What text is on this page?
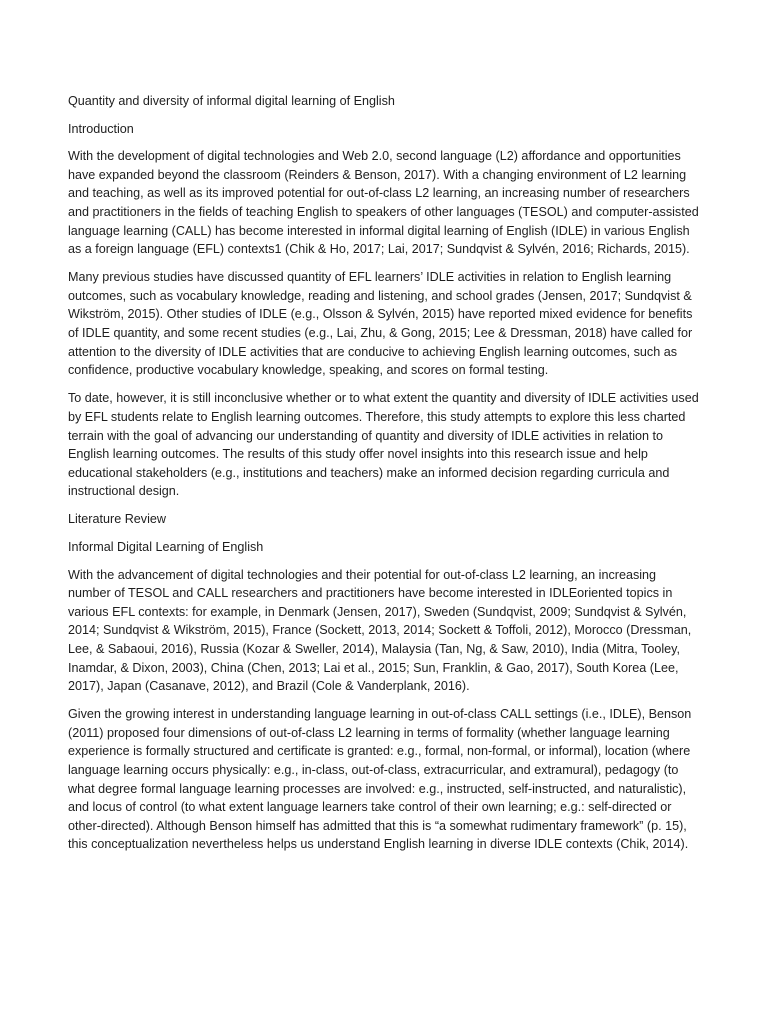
Quantity and diversity of informal digital learning of English

Introduction

With the development of digital technologies and Web 2.0, second language (L2) affordance and opportunities have expanded beyond the classroom (Reinders & Benson, 2017). With a changing environment of L2 learning and teaching, as well as its improved potential for out-of-class L2 learning, an increasing number of researchers and practitioners in the fields of teaching English to speakers of other languages (TESOL) and computer-assisted language learning (CALL) has become interested in informal digital learning of English (IDLE) in various English as a foreign language (EFL) contexts1 (Chik & Ho, 2017; Lai, 2017; Sundqvist & Sylvén, 2016; Richards, 2015).

Many previous studies have discussed quantity of EFL learners’ IDLE activities in relation to English learning outcomes, such as vocabulary knowledge, reading and listening, and school grades (Jensen, 2017; Sundqvist & Wikström, 2015). Other studies of IDLE (e.g., Olsson & Sylvén, 2015) have reported mixed evidence for benefits of IDLE quantity, and some recent studies (e.g., Lai, Zhu, & Gong, 2015; Lee & Dressman, 2018) have called for attention to the diversity of IDLE activities that are conducive to achieving English learning outcomes, such as confidence, productive vocabulary knowledge, speaking, and scores on formal testing.

To date, however, it is still inconclusive whether or to what extent the quantity and diversity of IDLE activities used by EFL students relate to English learning outcomes. Therefore, this study attempts to explore this less charted terrain with the goal of advancing our understanding of quantity and diversity of IDLE activities in relation to English learning outcomes. The results of this study offer novel insights into this research issue and help educational stakeholders (e.g., institutions and teachers) make an informed decision regarding curricula and instructional design.

Literature Review

Informal Digital Learning of English

With the advancement of digital technologies and their potential for out-of-class L2 learning, an increasing number of TESOL and CALL researchers and practitioners have become interested in IDLEoriented topics in various EFL contexts: for example, in Denmark (Jensen, 2017), Sweden (Sundqvist, 2009; Sundqvist & Sylvén, 2014; Sundqvist & Wikström, 2015), France (Sockett, 2013, 2014; Sockett & Toffoli, 2012), Morocco (Dressman, Lee, & Sabaoui, 2016), Russia (Kozar & Sweller, 2014), Malaysia (Tan, Ng, & Saw, 2010), India (Mitra, Tooley, Inamdar, & Dixon, 2003), China (Chen, 2013; Lai et al., 2015; Sun, Franklin, & Gao, 2017), South Korea (Lee, 2017), Japan (Casanave, 2012), and Brazil (Cole & Vanderplank, 2016).

Given the growing interest in understanding language learning in out-of-class CALL settings (i.e., IDLE), Benson (2011) proposed four dimensions of out-of-class L2 learning in terms of formality (whether language learning experience is formally structured and certificate is granted: e.g., formal, non-formal, or informal), location (where language learning occurs physically: e.g., in-class, out-of-class, extracurricular, and extramural), pedagogy (to what degree formal language learning processes are involved: e.g., instructed, self-instructed, and naturalistic), and locus of control (to what extent language learners take control of their own learning; e.g.: self-directed or other-directed). Although Benson himself has admitted that this is “a somewhat rudimentary framework” (p. 15), this conceptualization nevertheless helps us understand English learning in diverse IDLE contexts (Chik, 2014).
